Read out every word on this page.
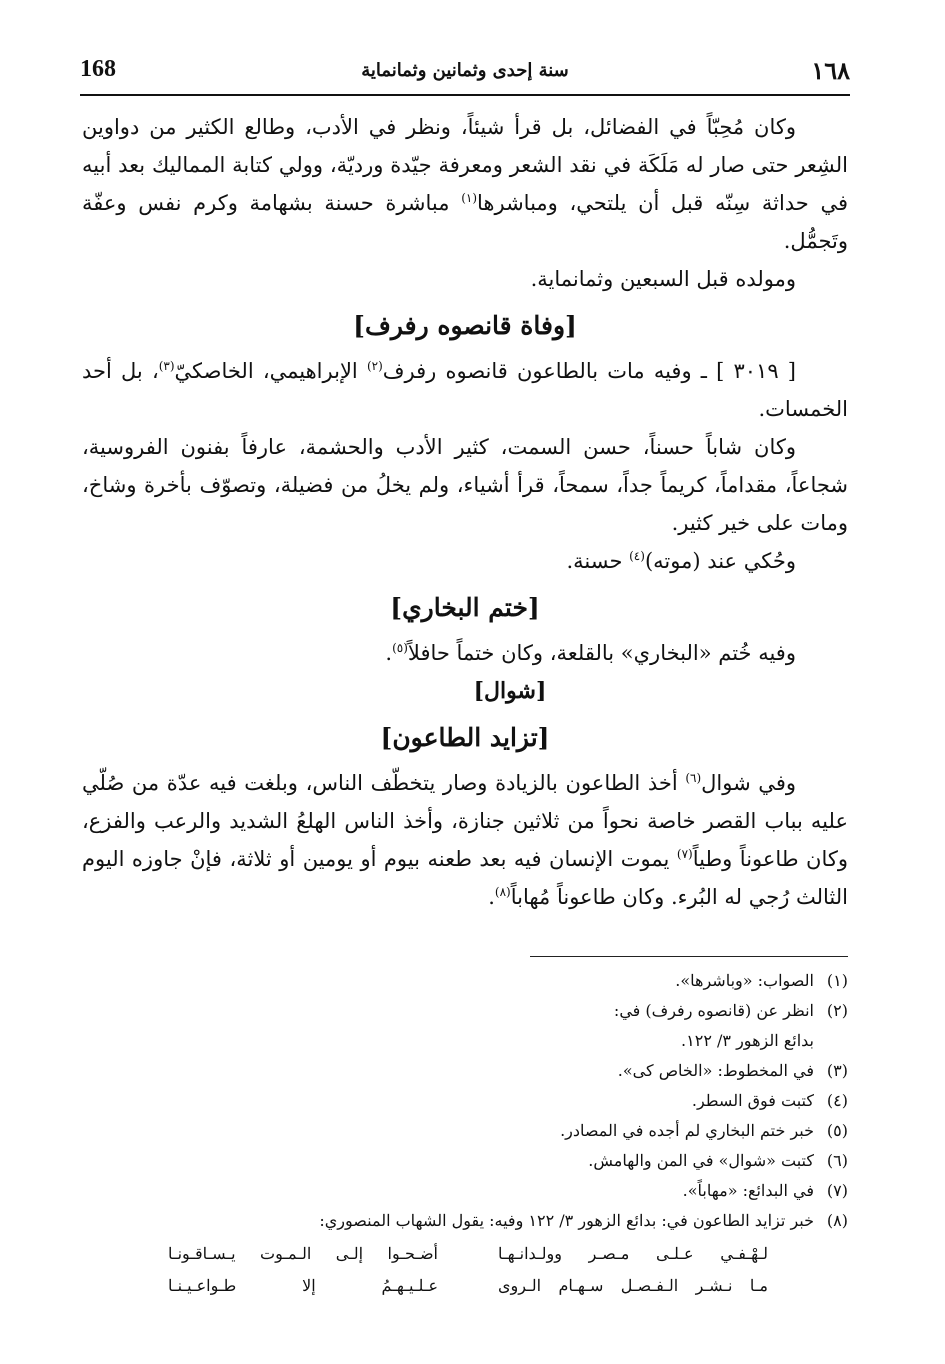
168	سنة إحدى وثمانين وثمانماية	١٦٨

وكان مُحِبّاً في الفضائل، بل قرأ شيئاً، ونظر في الأدب، وطالع الكثير من دواوين الشِعر حتى صار له مَلَكَة في نقد الشعر ومعرفة جيّدة ورديّة، وولي كتابة المماليك بعد أبيه في حداثة سِنّه قبل أن يلتحي، ومباشرها$^{(١)}$ مباشرة حسنة بشهامة وكرم نفس وعفّة وتَجمُّل.

ومولده قبل السبعين وثمانماية.

[وفاة قانصوه رفرف]

[ ٣٠١٩ ] ـ وفيه مات بالطاعون قانصوه رفرف$^{(٢)}$ الإبراهيمي، الخاصكيّ$^{(٣)}$، بل أحد الخمسات.

وكان شاباً حسناً، حسن السمت، كثير الأدب والحشمة، عارفاً بفنون الفروسية، شجاعاً، مقداماً، كريماً جداً، سمحاً، قرأ أشياء، ولم يخلُ من فضيلة، وتصوّف بأخرة وشاخ، ومات على خير كثير.

وحُكي عند (موته)$^{(٤)}$ حسنة.

[ختم البخاري]

وفيه خُتم «البخاري» بالقلعة، وكان ختماً حافلاً$^{(٥)}$.

[شوال]
[تزايد الطاعون]

وفي شوال$^{(٦)}$ أخذ الطاعون بالزيادة وصار يتخطّف الناس، وبلغت فيه عدّة من صُلّي عليه بباب القصر خاصة نحواً من ثلاثين جنازة، وأخذ الناس الهلعُ الشديد والرعب والفزع، وكان طاعوناً وطياً$^{(٧)}$ يموت الإنسان فيه بعد طعنه بيوم أو يومين أو ثلاثة، فإنْ جاوزه اليوم الثالث رُجي له البُرء. وكان طاعوناً مُهاباً$^{(٨)}$.

(١)
الصواب: «وباشرها».
(٢)
انظر عن (قانصوه رفرف) في:
بدائع الزهور ٣/ ١٢٢.
(٣)
في المخطوط: «الخاص كى».
(٤)
كتبت فوق السطر.
(٥)
خبر ختم البخاري لم أجده في المصادر.
(٦)
كتبت «شوال» في المن والهامش.
(٧)
في البدائع: «مهاباً».
(٨)
خبر تزايد الطاعون في: بدائع الزهور ٣/ ١٢٢ وفيه: يقول الشهاب المنصوري:
لـهْـفـي عـلـى مـصـر وولـدانـهـا
أضـحـوا إلـى الـمـوت يـسـاقـونـا
مـا نـشـر الـفـصـل سـهـام الـروى
عـلـيـهـمُ إلا طـواعـيـنـا
